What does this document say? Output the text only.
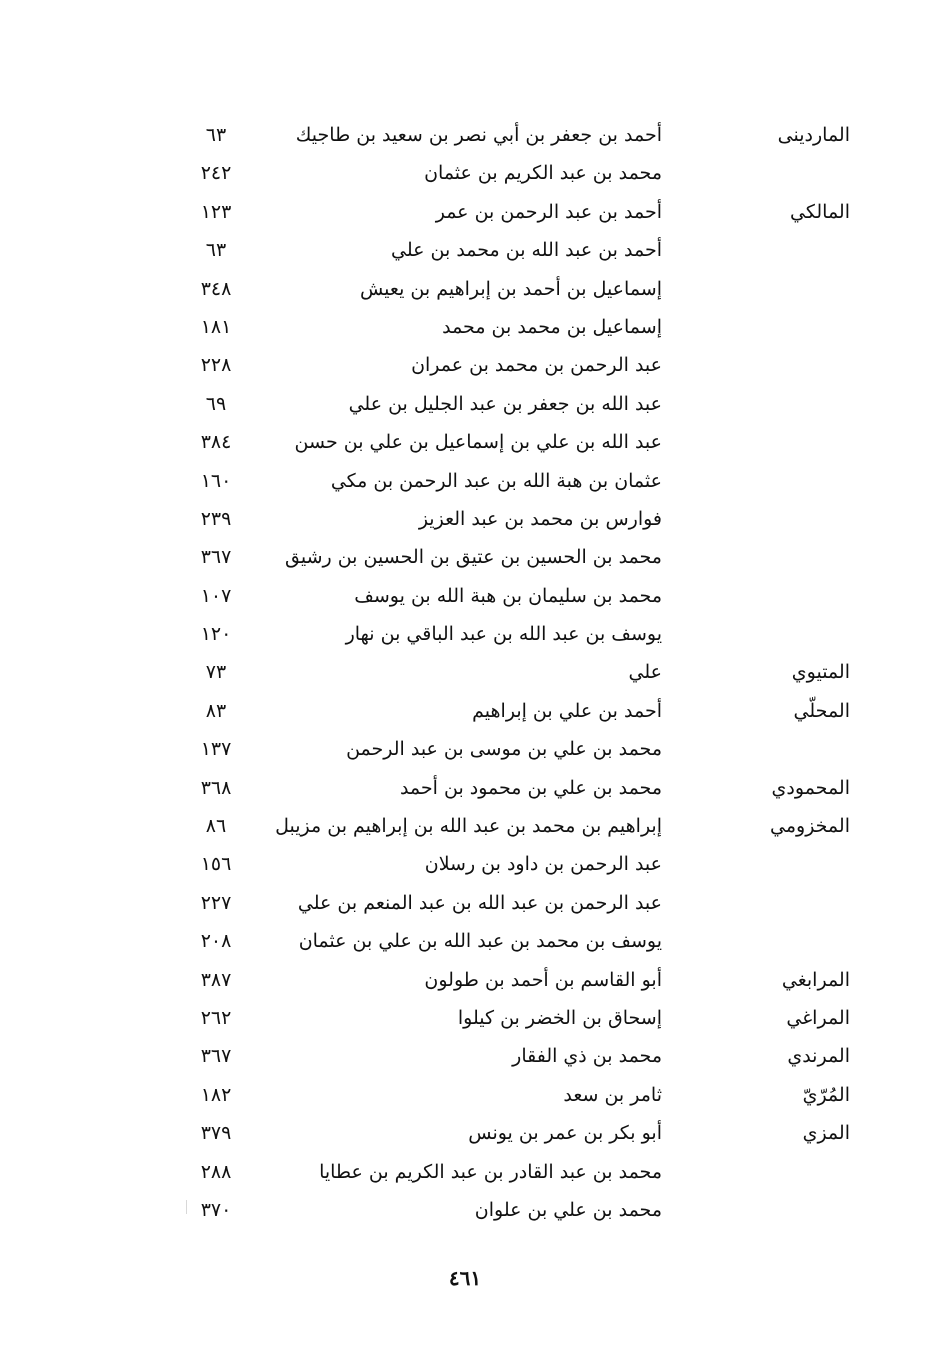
الماردينى
أحمد بن جعفر بن أبي نصر بن سعيد بن طاجيك
٦٣
محمد بن عبد الكريم بن عثمان
٢٤٢
المالكي
أحمد بن عبد الرحمن بن عمر
١٢٣
أحمد بن عبد الله بن محمد بن علي
٦٣
إسماعيل بن أحمد بن إبراهيم بن يعيش
٣٤٨
إسماعيل بن محمد بن محمد
١٨١
عبد الرحمن بن محمد بن عمران
٢٢٨
عبد الله بن جعفر بن عبد الجليل بن علي
٦٩
عبد الله بن علي بن إسماعيل بن علي بن حسن
٣٨٤
عثمان بن هبة الله بن عبد الرحمن بن مكي
١٦٠
فوارس بن محمد بن عبد العزيز
٢٣٩
محمد بن الحسين بن عتيق بن الحسين بن رشيق
٣٦٧
محمد بن سليمان بن هبة الله بن يوسف
١٠٧
يوسف بن عبد الله بن عبد الباقي بن نهار
١٢٠
المتيوي
علي
٧٣
المحلّي
أحمد بن علي بن إبراهيم
٨٣
محمد بن علي بن موسى بن عبد الرحمن
١٣٧
المحمودي
محمد بن علي بن محمود بن أحمد
٣٦٨
المخزومي
إبراهيم بن محمد بن عبد الله بن إبراهيم بن مزيبل
٨٦
عبد الرحمن بن داود بن رسلان
١٥٦
عبد الرحمن بن عبد الله بن عبد المنعم بن علي
٢٢٧
يوسف بن محمد بن عبد الله بن علي بن عثمان
٢٠٨
المرابغي
أبو القاسم بن أحمد بن طولون
٣٨٧
المراغي
إسحاق بن الخضر بن كيلوا
٢٦٢
المرندي
محمد بن ذي الفقار
٣٦٧
المُرّيّ
ثامر بن سعد
١٨٢
المزي
أبو بكر بن عمر بن يونس
٣٧٩
محمد بن عبد القادر بن عبد الكريم بن عطايا
٢٨٨
محمد بن علي بن علوان
٣٧٠
٤٦١
